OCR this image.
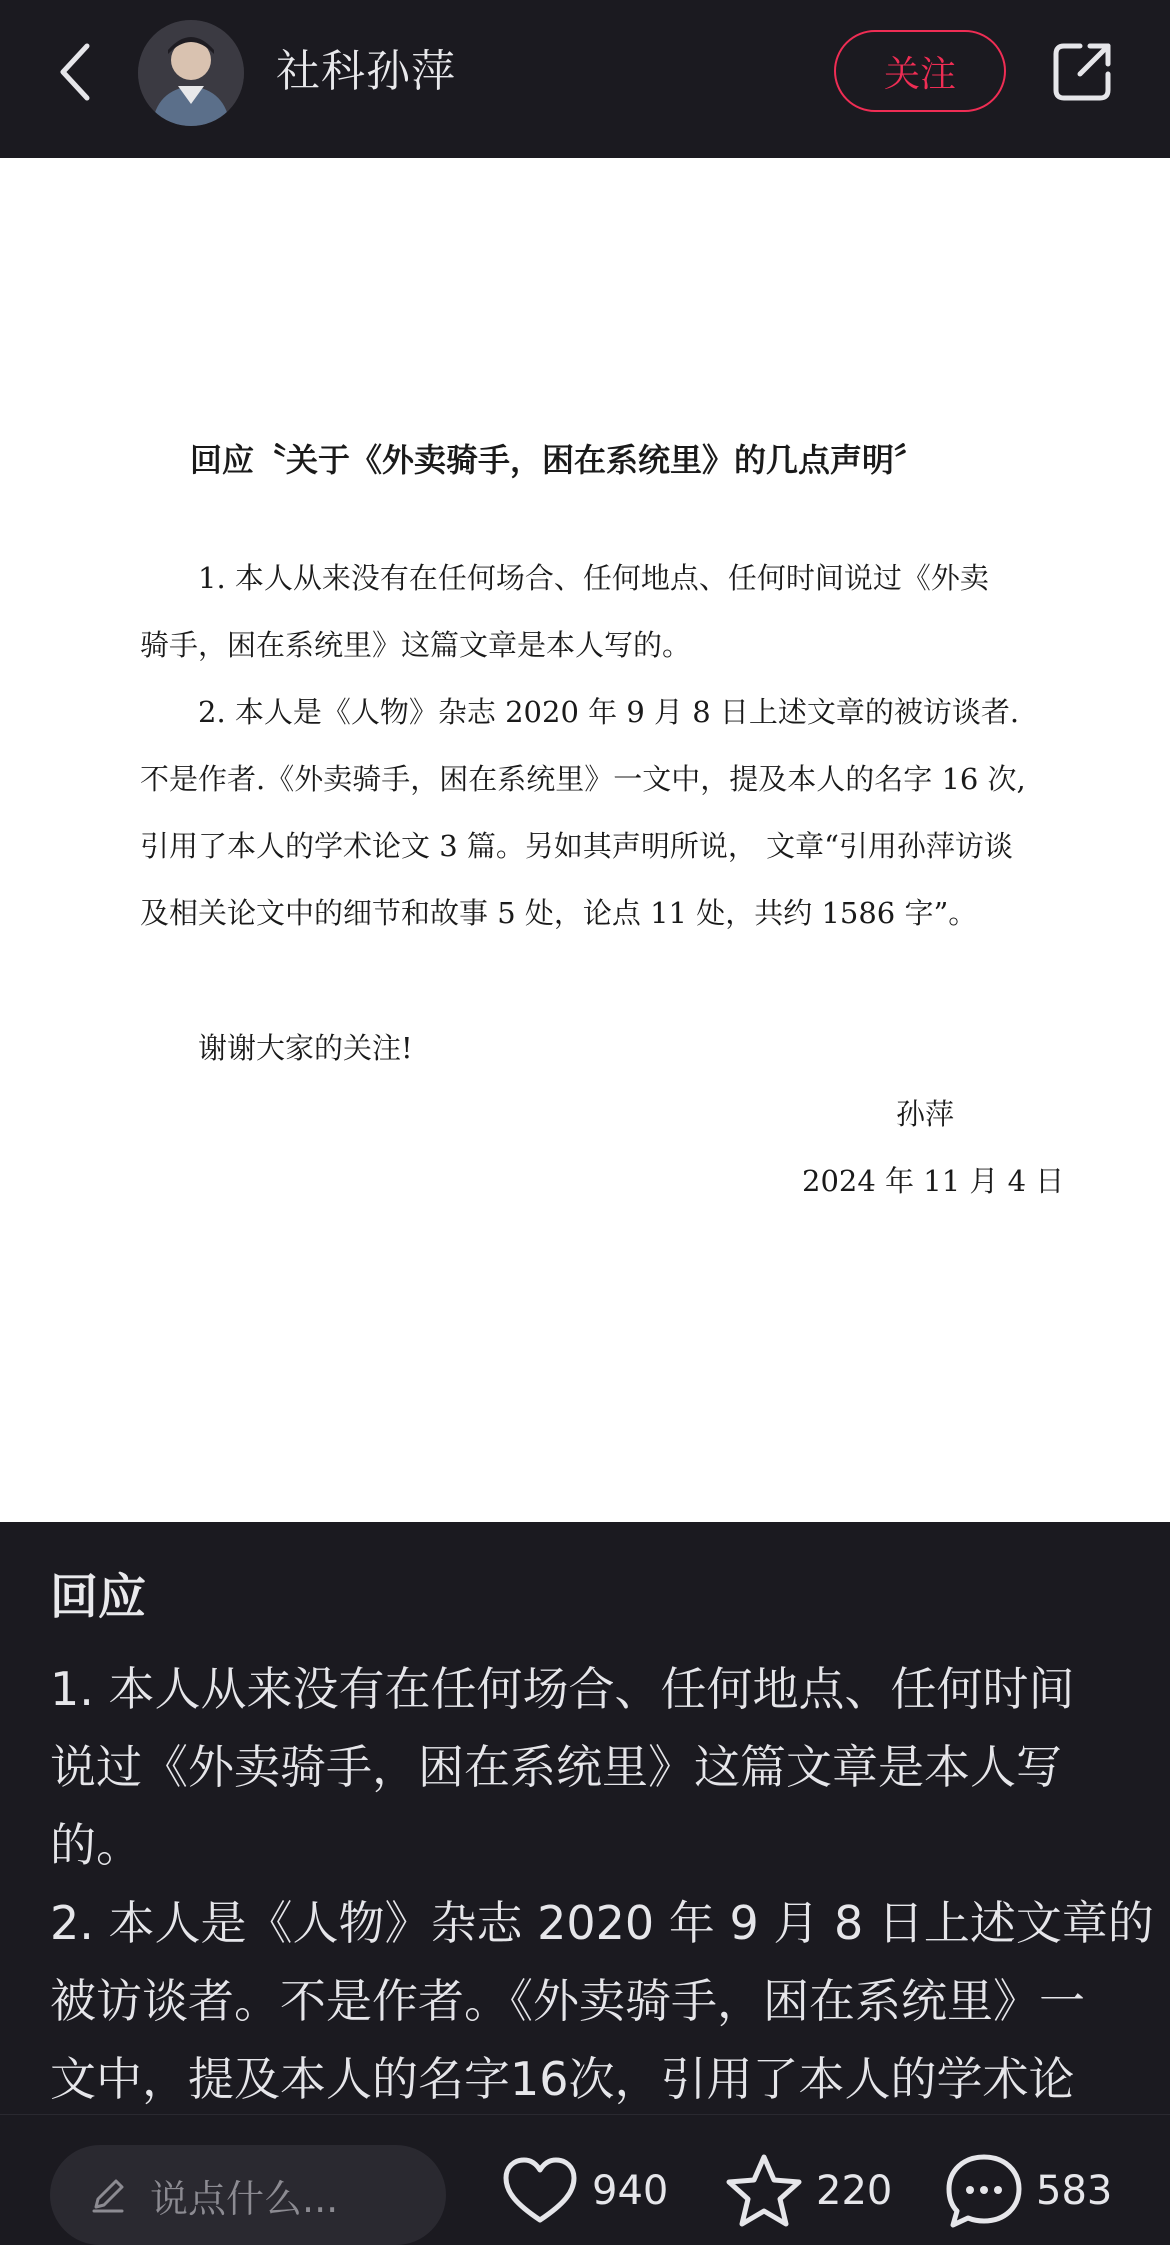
社科孙萍	关注
回应〝关于《外卖骑手，困在系统里》的几点声明〞
1. 本人从来没有在任何场合、任何地点、任何时间说过《外卖
骑手，困在系统里》这篇文章是本人写的。
2. 本人是《人物》杂志 2020 年 9 月 8 日上述文章的被访谈者.
不是作者.《外卖骑手，困在系统里》一文中，提及本人的名字 16 次,
引用了本人的学术论文 3 篇。另如其声明所说， 文章“引用孙萍访谈
及相关论文中的细节和故事 5 处，论点 11 处，共约 1586 字”。
谢谢大家的关注!
孙萍
2024 年 11 月 4 日
回应
1. 本人从来没有在任何场合、任何地点、任何时间
说过《外卖骑手，困在系统里》这篇文章是本人写
的。
2. 本人是《人物》杂志 2020 年 9 月 8 日上述文章的
被访谈者。不是作者。《外卖骑手，困在系统里》一
文中，提及本人的名字16次，引用了本人的学术论
说点什么...	940	220	583
